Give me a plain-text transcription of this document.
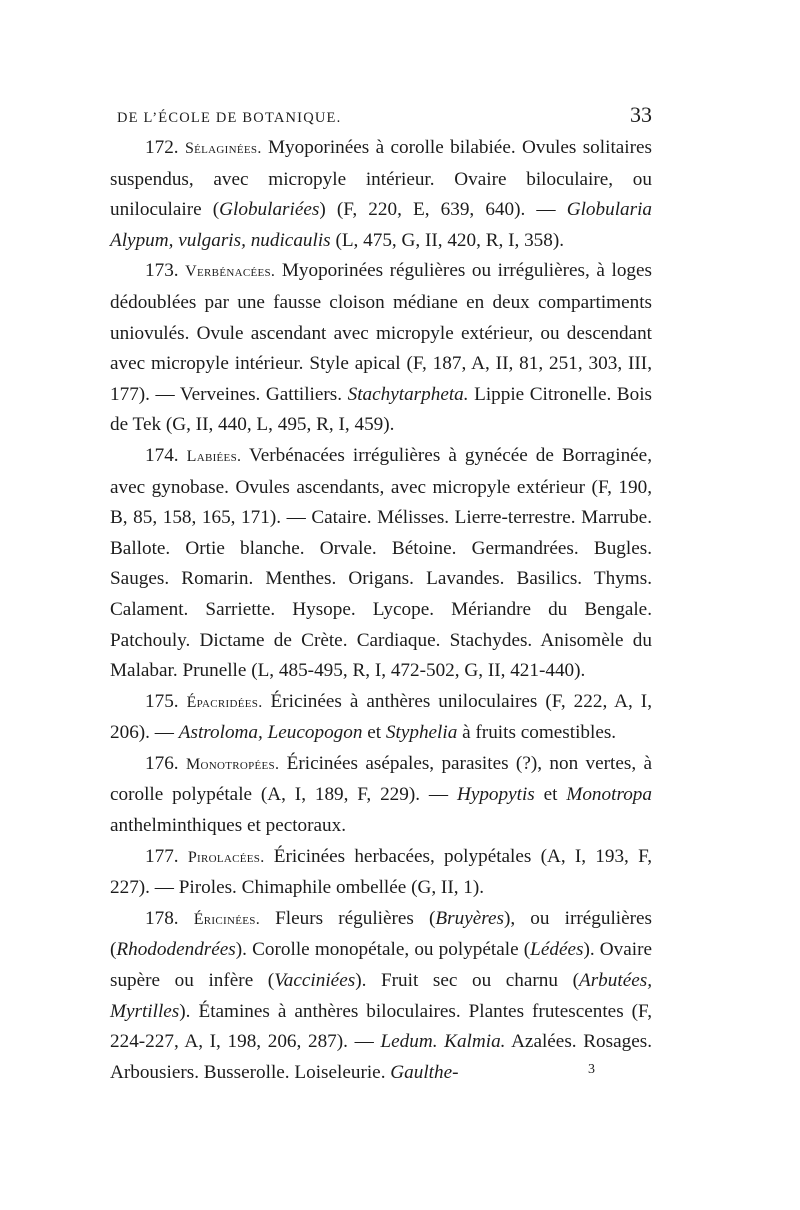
DE L’ÉCOLE DE BOTANIQUE.	33

172. Sélaginées. Myoporinées à corolle bilabiée. Ovules solitaires suspendus, avec micropyle intérieur. Ovaire biloculaire, ou uniloculaire (Globulariées) (F, 220, E, 639, 640). — Globularia Alypum, vulgaris, nudicaulis (L, 475, G, II, 420, R, I, 358).

173. Verbénacées. Myoporinées régulières ou irrégulières, à loges dédoublées par une fausse cloison médiane en deux compartiments uniovulés. Ovule ascendant avec micropyle extérieur, ou descendant avec micropyle intérieur. Style apical (F, 187, A, II, 81, 251, 303, III, 177). — Verveines. Gattiliers. Stachytarpheta. Lippie Citronelle. Bois de Tek (G, II, 440, L, 495, R, I, 459).

174. Labiées. Verbénacées irrégulières à gynécée de Borraginée, avec gynobase. Ovules ascendants, avec micropyle extérieur (F, 190, B, 85, 158, 165, 171). — Cataire. Mélisses. Lierre-terrestre. Marrube. Ballote. Ortie blanche. Orvale. Bétoine. Germandrées. Bugles. Sauges. Romarin. Menthes. Origans. Lavandes. Basilics. Thyms. Calament. Sarriette. Hysope. Lycope. Mériandre du Bengale. Patchouly. Dictame de Crète. Cardiaque. Stachydes. Anisomèle du Malabar. Prunelle (L, 485-495, R, I, 472-502, G, II, 421-440).

175. Épacridées. Éricinées à anthères uniloculaires (F, 222, A, I, 206). — Astroloma, Leucopogon et Styphelia à fruits comestibles.

176. Monotropées. Éricinées asépales, parasites (?), non vertes, à corolle polypétale (A, I, 189, F, 229). — Hypopytis et Monotropa anthelminthiques et pectoraux.

177. Pirolacées. Éricinées herbacées, polypétales (A, I, 193, F, 227). — Piroles. Chimaphile ombellée (G, II, 1).

178. Éricinées. Fleurs régulières (Bruyères), ou irrégulières (Rhododendrées). Corolle monopétale, ou polypétale (Lédées). Ovaire supère ou infère (Vacciniées). Fruit sec ou charnu (Arbutées, Myrtilles). Étamines à anthères biloculaires. Plantes frutescentes (F, 224-227, A, I, 198, 206, 287). — Ledum. Kalmia. Azalées. Rosages. Arbousiers. Busserolle. Loiseleurie. Gaulthe-	3
